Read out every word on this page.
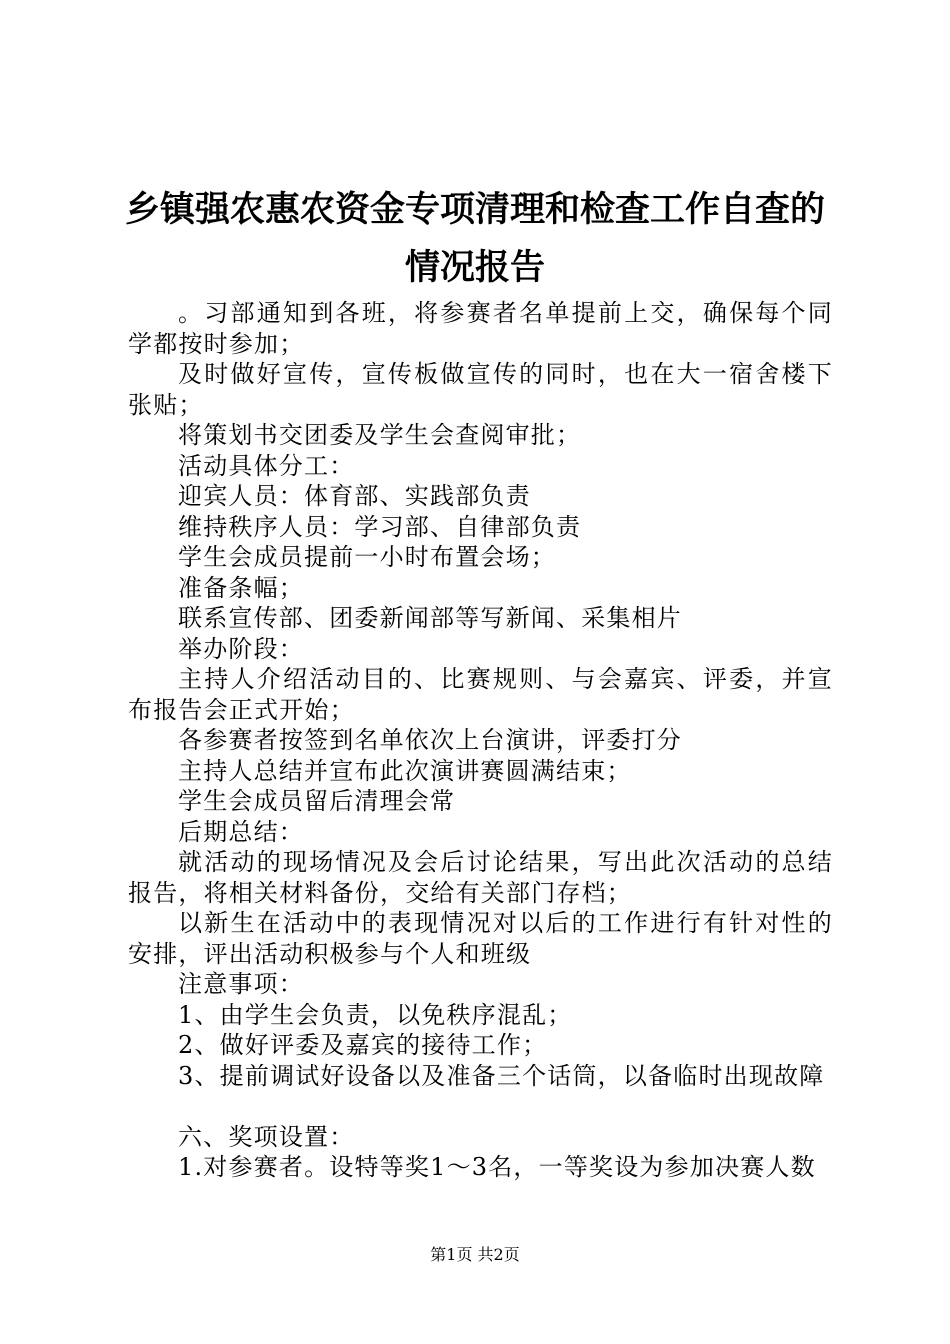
乡镇强农惠农资金专项清理和检查工作自查的
情况报告

。习部通知到各班，将参赛者名单提前上交，确保每个同学都按时参加；

及时做好宣传，宣传板做宣传的同时，也在大一宿舍楼下张贴；

将策划书交团委及学生会查阅审批；

活动具体分工：

迎宾人员：体育部、实践部负责

维持秩序人员：学习部、自律部负责

学生会成员提前一小时布置会场；

准备条幅；

联系宣传部、团委新闻部等写新闻、采集相片

举办阶段：

主持人介绍活动目的、比赛规则、与会嘉宾、评委，并宣布报告会正式开始；

各参赛者按签到名单依次上台演讲，评委打分

主持人总结并宣布此次演讲赛圆满结束；

学生会成员留后清理会常

后期总结：

就活动的现场情况及会后讨论结果，写出此次活动的总结报告，将相关材料备份，交给有关部门存档；

以新生在活动中的表现情况对以后的工作进行有针对性的安排，评出活动积极参与个人和班级

注意事项：

1、由学生会负责，以免秩序混乱；

2、做好评委及嘉宾的接待工作；

3、提前调试好设备以及准备三个话筒，以备临时出现故障

六、奖项设置：

1.对参赛者。设特等奖1～3名，一等奖设为参加决赛人数

第1页 共2页
